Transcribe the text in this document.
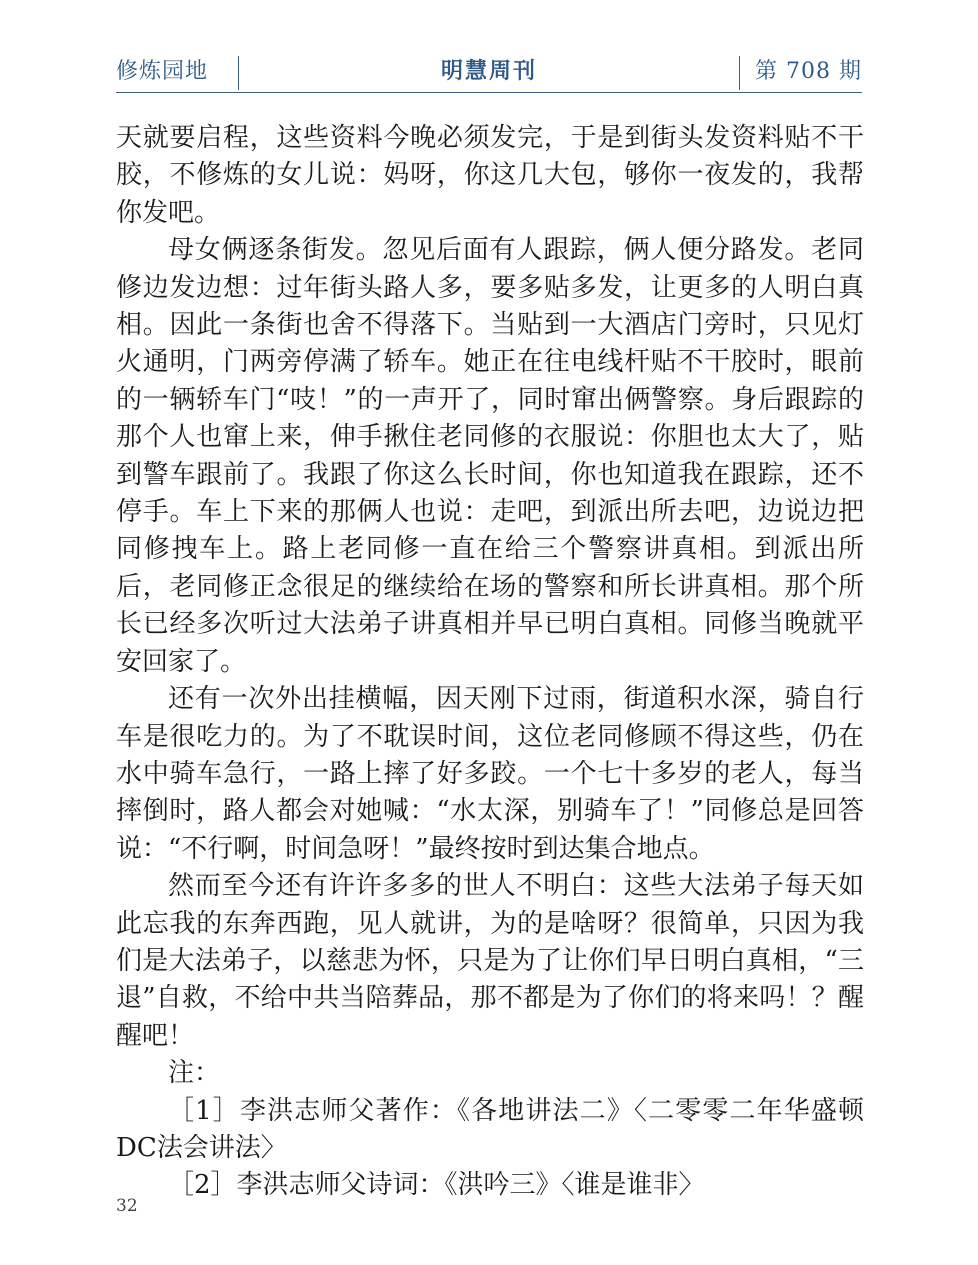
修炼园地	明慧周刊	第 708 期

天就要启程，这些资料今晚必须发完，于是到街头发资料贴不干胶，不修炼的女儿说：妈呀，你这几大包，够你一夜发的，我帮你发吧。

母女俩逐条街发。忽见后面有人跟踪，俩人便分路发。老同修边发边想：过年街头路人多，要多贴多发，让更多的人明白真相。因此一条街也舍不得落下。当贴到一大酒店门旁时，只见灯火通明，门两旁停满了轿车。她正在往电线杆贴不干胶时，眼前的一辆轿车门“吱！”的一声开了，同时窜出俩警察。身后跟踪的那个人也窜上来，伸手揪住老同修的衣服说：你胆也太大了，贴到警车跟前了。我跟了你这么长时间，你也知道我在跟踪，还不停手。车上下来的那俩人也说：走吧，到派出所去吧，边说边把同修拽车上。路上老同修一直在给三个警察讲真相。到派出所后，老同修正念很足的继续给在场的警察和所长讲真相。那个所长已经多次听过大法弟子讲真相并早已明白真相。同修当晚就平安回家了。

还有一次外出挂横幅，因天刚下过雨，街道积水深，骑自行车是很吃力的。为了不耽误时间，这位老同修顾不得这些，仍在水中骑车急行，一路上摔了好多跤。一个七十多岁的老人，每当摔倒时，路人都会对她喊：“水太深，别骑车了！”同修总是回答说：“不行啊，时间急呀！”最终按时到达集合地点。

然而至今还有许许多多的世人不明白：这些大法弟子每天如此忘我的东奔西跑，见人就讲，为的是啥呀？很简单，只因为我们是大法弟子，以慈悲为怀，只是为了让你们早日明白真相，“三退”自救，不给中共当陪葬品，那不都是为了你们的将来吗！？醒醒吧！

注：

［1］李洪志师父著作：《各地讲法二》〈二零零二年华盛顿DC法会讲法〉

［2］李洪志师父诗词：《洪吟三》〈谁是谁非〉

32
